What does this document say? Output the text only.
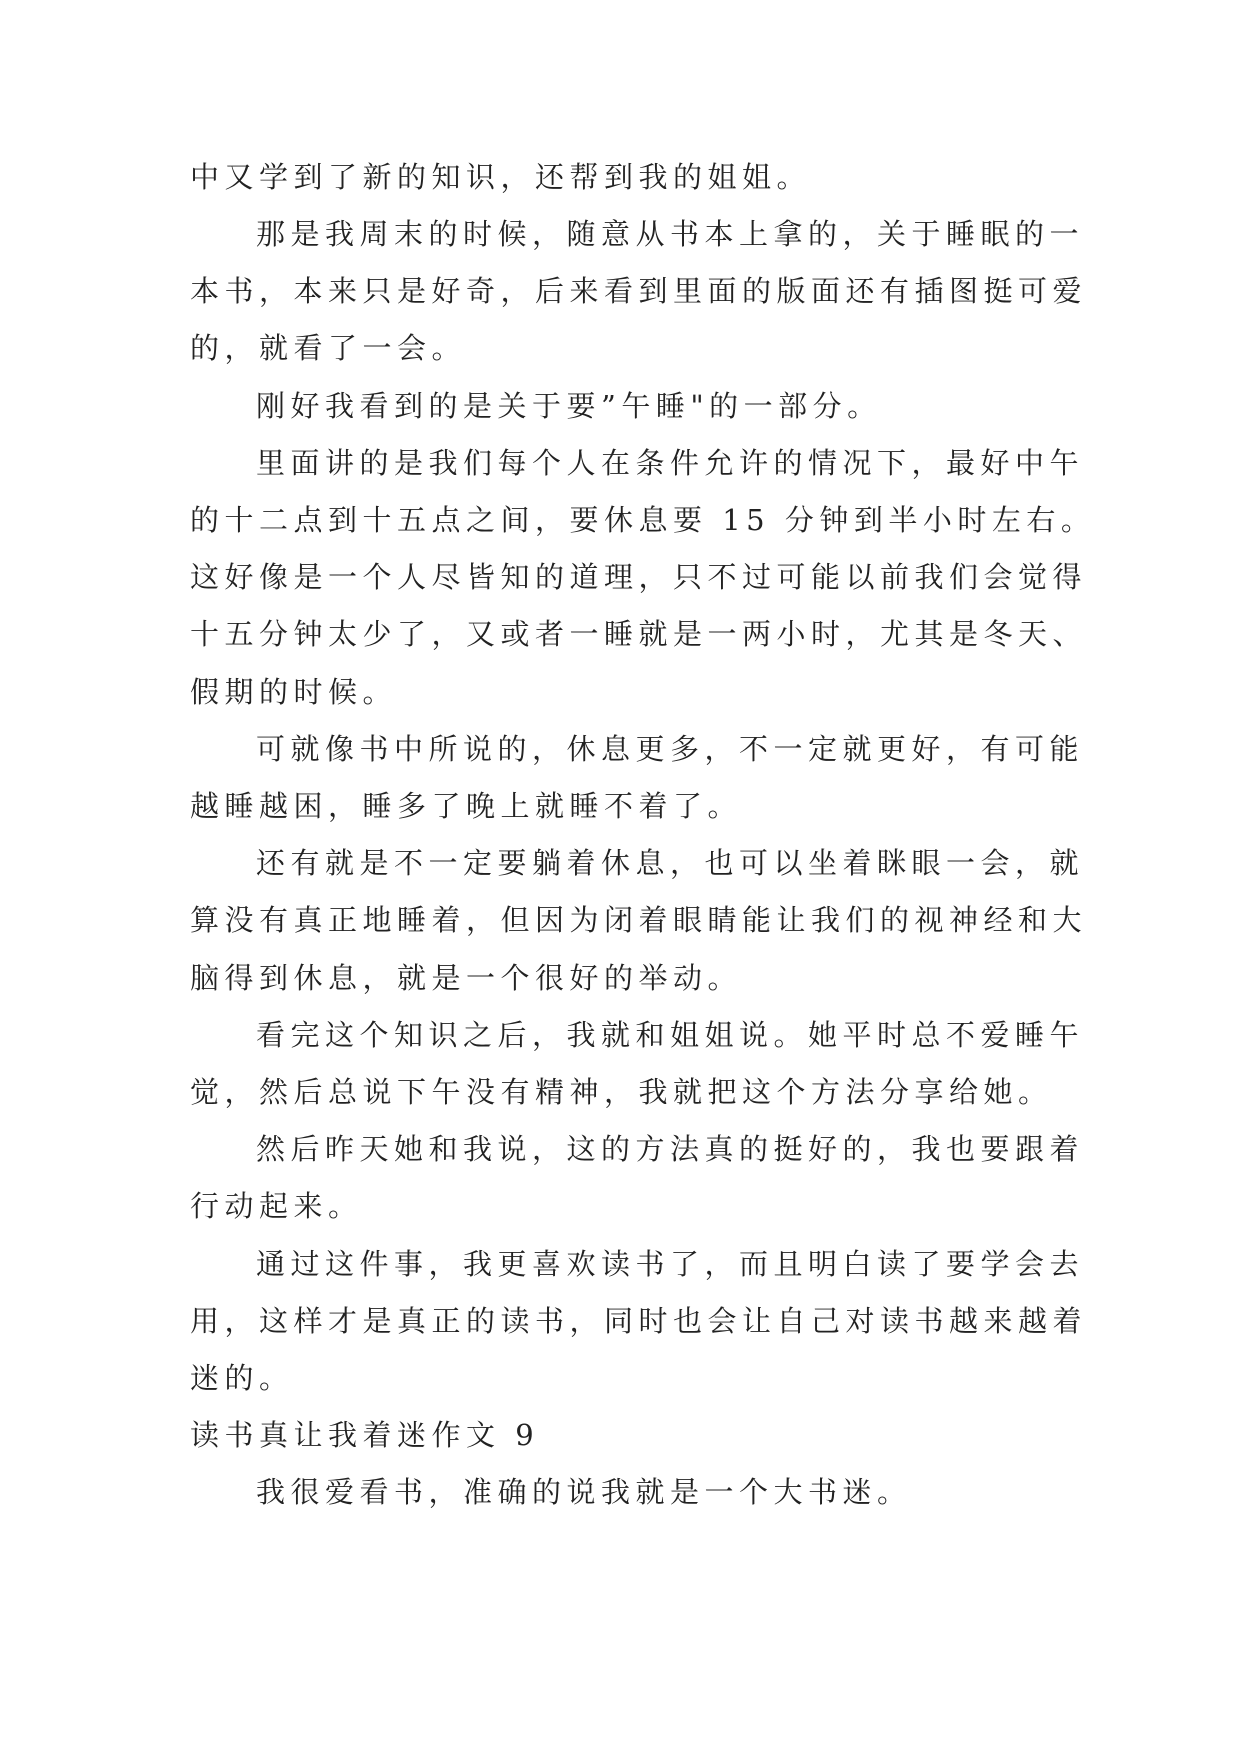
中又学到了新的知识，还帮到我的姐姐。
那是我周末的时候，随意从书本上拿的，关于睡眠的一
本书，本来只是好奇，后来看到里面的版面还有插图挺可爱
的，就看了一会。
刚好我看到的是关于要”午睡"的一部分。
里面讲的是我们每个人在条件允许的情况下，最好中午
的十二点到十五点之间，要休息要 15 分钟到半小时左右。
这好像是一个人尽皆知的道理，只不过可能以前我们会觉得
十五分钟太少了，又或者一睡就是一两小时，尤其是冬天、
假期的时候。
可就像书中所说的，休息更多，不一定就更好，有可能
越睡越困，睡多了晚上就睡不着了。
还有就是不一定要躺着休息，也可以坐着眯眼一会，就
算没有真正地睡着，但因为闭着眼睛能让我们的视神经和大
脑得到休息，就是一个很好的举动。
看完这个知识之后，我就和姐姐说。她平时总不爱睡午
觉，然后总说下午没有精神，我就把这个方法分享给她。
然后昨天她和我说，这的方法真的挺好的，我也要跟着
行动起来。
通过这件事，我更喜欢读书了，而且明白读了要学会去
用，这样才是真正的读书，同时也会让自己对读书越来越着
迷的。
读书真让我着迷作文 9
我很爱看书，准确的说我就是一个大书迷。
